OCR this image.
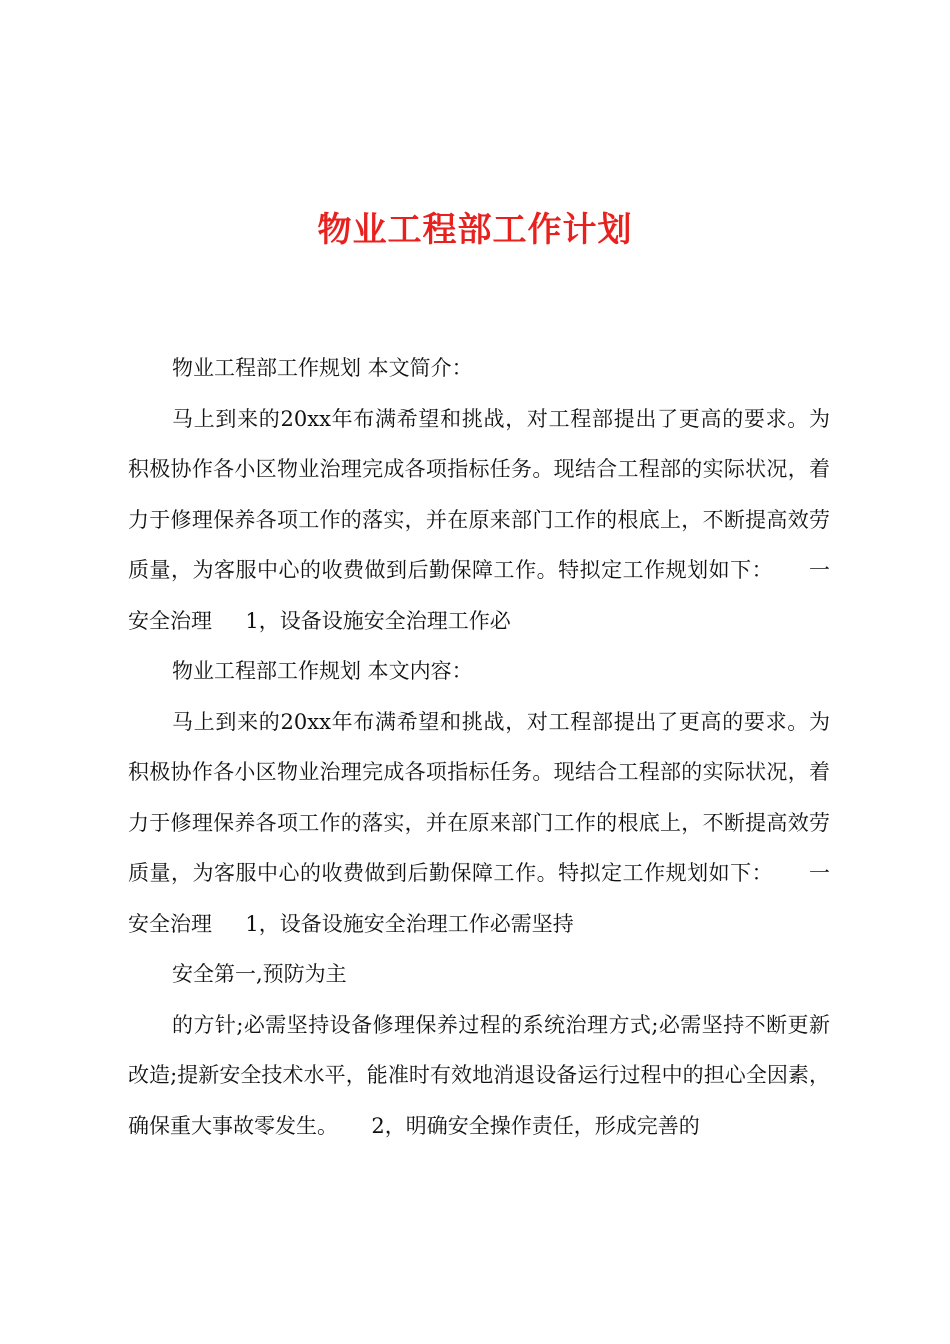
物业工程部工作计划

物业工程部工作规划 本文简介：

马上到来的20xx年布满希望和挑战，对工程部提出了更高的要求。为积极协作各小区物业治理完成各项指标任务。现结合工程部的实际状况，着力于修理保养各项工作的落实，并在原来部门工作的根底上，不断提高效劳质量，为客服中心的收费做到后勤保障工作。特拟定工作规划如下：     一安全治理     1，设备设施安全治理工作必

物业工程部工作规划 本文内容：

马上到来的20xx年布满希望和挑战，对工程部提出了更高的要求。为积极协作各小区物业治理完成各项指标任务。现结合工程部的实际状况，着力于修理保养各项工作的落实，并在原来部门工作的根底上，不断提高效劳质量，为客服中心的收费做到后勤保障工作。特拟定工作规划如下：     一 安全治理     1，设备设施安全治理工作必需坚持

安全第一,预防为主

的方针;必需坚持设备修理保养过程的系统治理方式;必需坚持不断更新改造;提新安全技术水平，能准时有效地消退设备运行过程中的担心全因素，确保重大事故零发生。     2，明确安全操作责任，形成完善的
